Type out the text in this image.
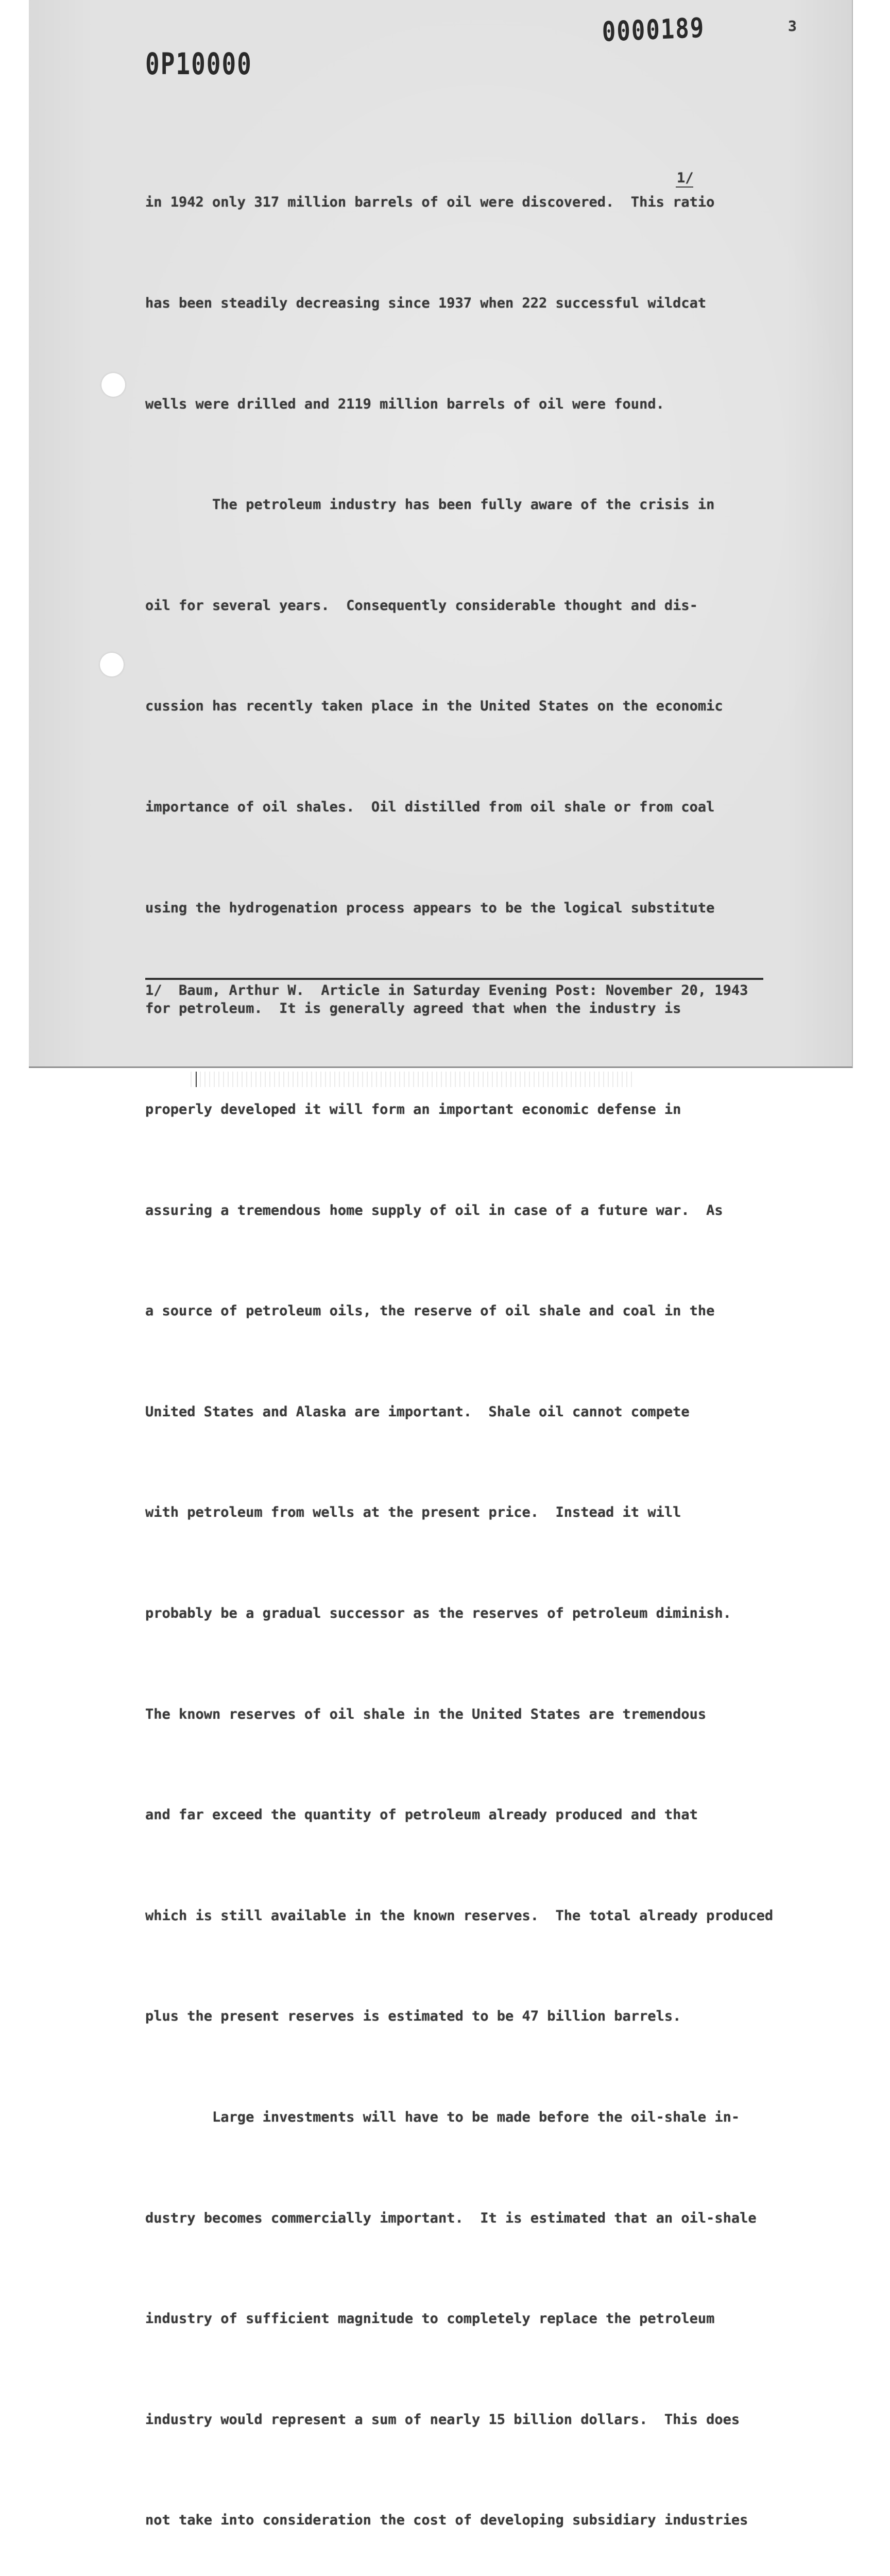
0P10000
0000189	3

in 1942 only 317 million barrels of oil were discovered.  This ratio

has been steadily decreasing since 1937 when 222 successful wildcat

wells were drilled and 2119 million barrels of oil were found.

The petroleum industry has been fully aware of the crisis in

oil for several years.  Consequently considerable thought and dis-

cussion has recently taken place in the United States on the economic

importance of oil shales.  Oil distilled from oil shale or from coal

using the hydrogenation process appears to be the logical substitute

for petroleum.  It is generally agreed that when the industry is

properly developed it will form an important economic defense in

assuring a tremendous home supply of oil in case of a future war.  As

a source of petroleum oils, the reserve of oil shale and coal in the

United States and Alaska are important.  Shale oil cannot compete

with petroleum from wells at the present price.  Instead it will

probably be a gradual successor as the reserves of petroleum diminish.

The known reserves of oil shale in the United States are tremendous

and far exceed the quantity of petroleum already produced and that

which is still available in the known reserves.  The total already produced

plus the present reserves is estimated to be 47 billion barrels.

Large investments will have to be made before the oil-shale in-

dustry becomes commercially important.  It is estimated that an oil-shale

industry of sufficient magnitude to completely replace the petroleum

industry would represent a sum of nearly 15 billion dollars.  This does

not take into consideration the cost of developing subsidiary industries

1/
1/  Baum, Arthur W.  Article in Saturday Evening Post: November 20, 1943
